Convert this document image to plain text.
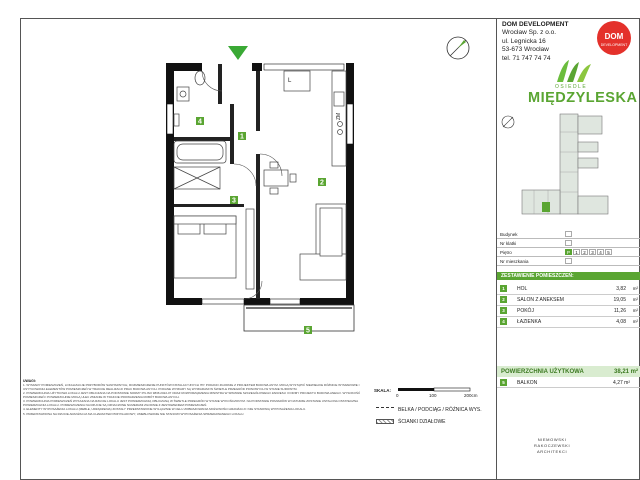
L
ZM
1
2
3
4
5
DOM DEVELOPMENT
Wrocław Sp. z o.o.
ul. Legnicka 16
53-673 Wrocław
tel. 71 747 74 74
DOM
DEVELOPMENT
OSIEDLE
MIĘDZYLESKA
Budynek
Nr klatki
Piętro	P	1	2	3	4	5
Nr mieszkania
ZESTAWIENIE POMIESZCZEŃ:
1	HOL	3,82 m²
2	SALON Z ANEKSEM	19,05 m²
3	POKÓJ	11,26 m²
4	ŁAZIENKA	4,08 m²
POWIERZCHNIA UŻYTKOWA	38,21 m²
5	BALKON	4,27 m²
UWAGI:

1. WYMIARY POMIESZCZEŃ, LOKALIZACJE PRZYBORÓW SANITARNYCH, ROZMIESZCZENIE PUNKTÓW INSTALACYJNYCH ITP. PODANO ZGODNIE Z PROJEKTEM BUDOWLANYM. MOGĄ WYSTĄPIĆ NIEWIELKIE RÓŻNICE WYMIAROWE I USYTUOWANIA ELEMENTÓW POMIESZCZEŃ W TRAKCIE REALIZACJI PRAC BUDOWLANYCH. PODANE WYMIARY SĄ WYMIARAMI W ŚWIETLE PRZEGRÓD PIONOWYCH W STANIE SUROWYM.

2. POWIERZCHNIA UŻYTKOWA LOKALU JEST OBLICZANA NA PODSTAWIE NORMY PN-ISO 9836:2022-07 ORAZ ROZPORZĄDZENIA MINISTRA W SPRAWIE SZCZEGÓŁOWEGO ZAKRESU I FORMY PROJEKTU BUDOWLANEGO. WYSOKOŚĆ POMIESZCZEŃ I POWIERZCHNIE MOGĄ ULEC ZMIANIE W TRAKCIE PROWADZENIA ROBÓT BUDOWLANYCH.

3. POWIERZCHNIA POMIESZCZEŃ WYKAZANA NA RZUCIE LOKALU JEST POWIERZCHNIĄ OBLICZANĄ W ŚWIETLE PRZEGRÓD W STANIE WYKOŃCZONYM. NA PODSTAWIE POMIARÓW W NATURZE ZOSTANIE USTALONA OSTATECZNA POWIERZCHNIA LOKALU. POMIESZCZENIA NA RZUCIE SĄ OZNACZONE NUMERAMI ZGODNIE Z ZESTAWIENIEM POMIESZCZEŃ.

4. ELEMENTY WYPOSAŻENIA LOKALU (MEBLE, URZĄDZENIA) ZOSTAŁY PRZEDSTAWIONE WYŁĄCZNIE W CELU ZOBRAZOWANIA MOŻLIWOŚCI ARANŻACJI I NIE STANOWIĄ WYPOSAŻENIA LOKALU.

5. PRZEDSTAWIONA NA RZUCIE ARANŻACJA MA CHARAKTER PRZYKŁADOWY, UMEBLOWANIE NIE STANOWI WYPOSAŻENIA SPRZEDAWANEGO LOKALU.

SKALA:
0	100	200cm
BELKA / PODCIĄG / RÓŻNICA WYS.
ŚCIANKI DZIAŁOWE
NIEMOWSKI
RAKOCZEWSKI
ARCHITEKCI
